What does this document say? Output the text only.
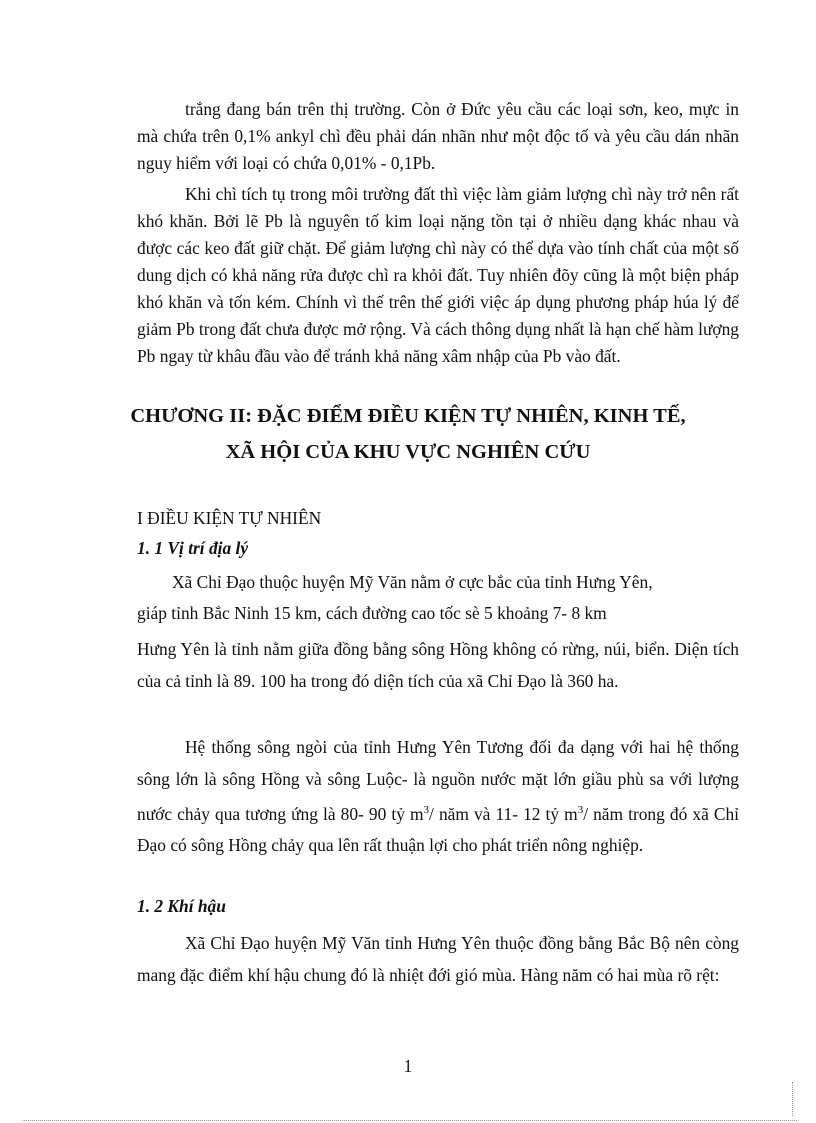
trắng đang bán trên thị trường. Còn ở Đức yêu cầu các loại sơn, keo, mực in mà chứa trên 0,1% ankyl chì đều phải dán nhãn như một độc tố và yêu cầu dán nhãn nguy hiểm với loại có chứa 0,01% - 0,1Pb.

Khi chì tích tụ trong môi trường đất thì việc làm giảm lượng chì này trở nên rất khó khăn. Bởi lẽ Pb là nguyên tố kim loại nặng tồn tại ở nhiều dạng khác nhau và được các keo đất giữ chặt. Để giảm lượng chì này có thể dựa vào tính chất của một số dung dịch có khả năng rửa được chì ra khỏi đất. Tuy nhiên đõy cũng là một biện pháp khó khăn và tốn kém. Chính vì thế trên thế giới việc áp dụng phương pháp húa lý để giảm Pb trong đất chưa được mở rộng. Và cách thông dụng nhất là hạn chế hàm lượng Pb ngay từ khâu đầu vào để tránh khả năng xâm nhập của Pb vào đất.

CHƯƠNG II: ĐẶC ĐIỂM ĐIỀU KIỆN TỰ NHIÊN, KINH TẾ,
XÃ HỘI CỦA KHU VỰC NGHIÊN CỨU

I ĐIỀU KIỆN TỰ NHIÊN

1. 1 Vị trí địa lý

Xã Chỉ Đạo thuộc huyện Mỹ Văn nằm ở cực bắc của tỉnh Hưng Yên,

giáp tỉnh Bắc Ninh 15 km, cách đường cao tốc sè 5 khoảng 7- 8 km

Hưng Yên là tỉnh nằm giữa đồng bằng sông Hồng không có rừng, núi, biển. Diện tích của cả tỉnh là 89. 100 ha trong đó diện tích của xã Chỉ Đạo là 360 ha.

Hệ thống sông ngòi của tỉnh Hưng Yên Tương đối đa dạng với hai hệ thống sông lớn là sông Hồng và sông Luộc- là nguồn nước mặt lớn giầu phù sa với lượng nước chảy qua tương ứng là 80- 90 tỷ $m^3/$ năm và 11- 12 tỷ $m^3/$ năm trong đó xã Chỉ Đạo có sông Hồng chảy qua lên rất thuận lợi cho phát triển nông nghiệp.

1. 2 Khí hậu

Xã Chỉ Đạo huyện Mỹ Văn tỉnh Hưng Yên thuộc đồng bằng Bắc Bộ nên còng mang đặc điểm khí hậu chung đó là nhiệt đới gió mùa. Hàng năm có hai mùa rõ rệt:

1
